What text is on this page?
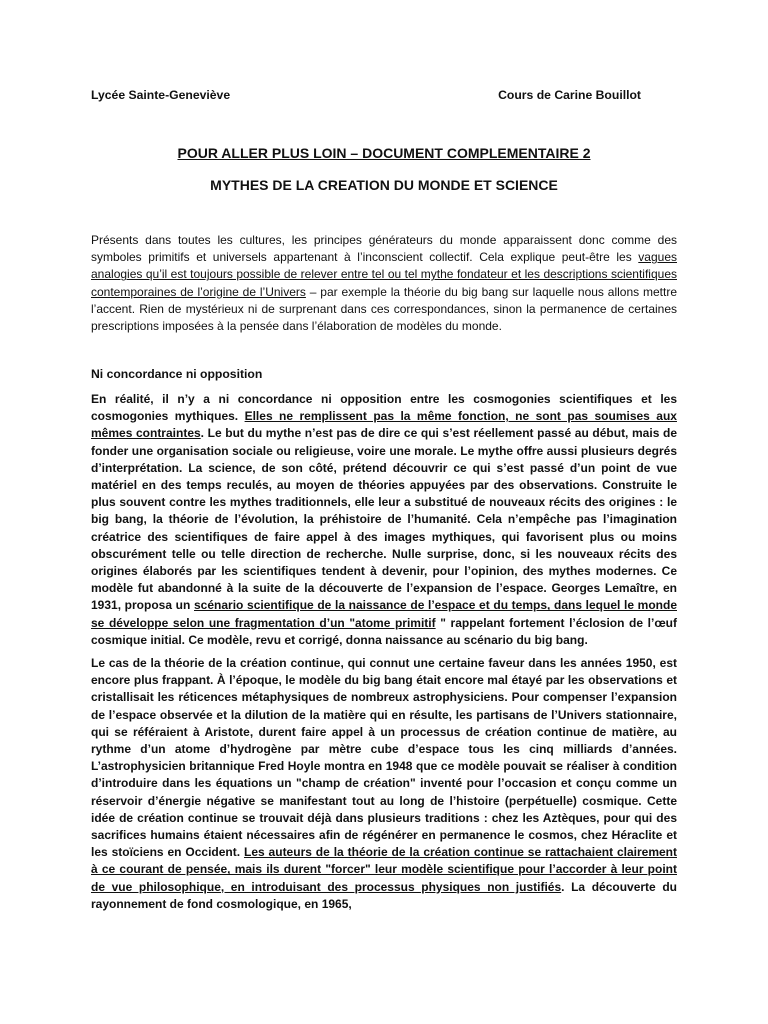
Lycée Sainte-Geneviève	Cours de Carine Bouillot
POUR ALLER PLUS LOIN – DOCUMENT COMPLEMENTAIRE 2
MYTHES DE LA CREATION DU MONDE ET SCIENCE

Présents dans toutes les cultures, les principes générateurs du monde apparaissent donc comme des symboles primitifs et universels appartenant à l’inconscient collectif. Cela explique peut-être les vagues analogies qu’il est toujours possible de relever entre tel ou tel mythe fondateur et les descriptions scientifiques contemporaines de l’origine de l’Univers – par exemple la théorie du big bang sur laquelle nous allons mettre l’accent. Rien de mystérieux ni de surprenant dans ces correspondances, sinon la permanence de certaines prescriptions imposées à la pensée dans l’élaboration de modèles du monde.

Ni concordance ni opposition

En réalité, il n’y a ni concordance ni opposition entre les cosmogonies scientifiques et les cosmogonies mythiques. Elles ne remplissent pas la même fonction, ne sont pas soumises aux mêmes contraintes. Le but du mythe n’est pas de dire ce qui s’est réellement passé au début, mais de fonder une organisation sociale ou religieuse, voire une morale. Le mythe offre aussi plusieurs degrés d’interprétation. La science, de son côté, prétend découvrir ce qui s’est passé d’un point de vue matériel en des temps reculés, au moyen de théories appuyées par des observations. Construite le plus souvent contre les mythes traditionnels, elle leur a substitué de nouveaux récits des origines : le big bang, la théorie de l’évolution, la préhistoire de l’humanité. Cela n’empêche pas l’imagination créatrice des scientifiques de faire appel à des images mythiques, qui favorisent plus ou moins obscurément telle ou telle direction de recherche. Nulle surprise, donc, si les nouveaux récits des origines élaborés par les scientifiques tendent à devenir, pour l’opinion, des mythes modernes. Ce modèle fut abandonné à la suite de la découverte de l’expansion de l’espace. Georges Lemaître, en 1931, proposa un scénario scientifique de la naissance de l’espace et du temps, dans lequel le monde se développe selon une fragmentation d’un "atome primitif " rappelant fortement l’éclosion de l’œuf cosmique initial. Ce modèle, revu et corrigé, donna naissance au scénario du big bang.

Le cas de la théorie de la création continue, qui connut une certaine faveur dans les années 1950, est encore plus frappant. À l’époque, le modèle du big bang était encore mal étayé par les observations et cristallisait les réticences métaphysiques de nombreux astrophysiciens. Pour compenser l’expansion de l’espace observée et la dilution de la matière qui en résulte, les partisans de l’Univers stationnaire, qui se référaient à Aristote, durent faire appel à un processus de création continue de matière, au rythme d’un atome d’hydrogène par mètre cube d’espace tous les cinq milliards d’années. L’astrophysicien britannique Fred Hoyle montra en 1948 que ce modèle pouvait se réaliser à condition d’introduire dans les équations un "champ de création" inventé pour l’occasion et conçu comme un réservoir d’énergie négative se manifestant tout au long de l’histoire (perpétuelle) cosmique. Cette idée de création continue se trouvait déjà dans plusieurs traditions : chez les Aztèques, pour qui des sacrifices humains étaient nécessaires afin de régénérer en permanence le cosmos, chez Héraclite et les stoïciens en Occident. Les auteurs de la théorie de la création continue se rattachaient clairement à ce courant de pensée, mais ils durent "forcer" leur modèle scientifique pour l’accorder à leur point de vue philosophique, en introduisant des processus physiques non justifiés. La découverte du rayonnement de fond cosmologique, en 1965,
